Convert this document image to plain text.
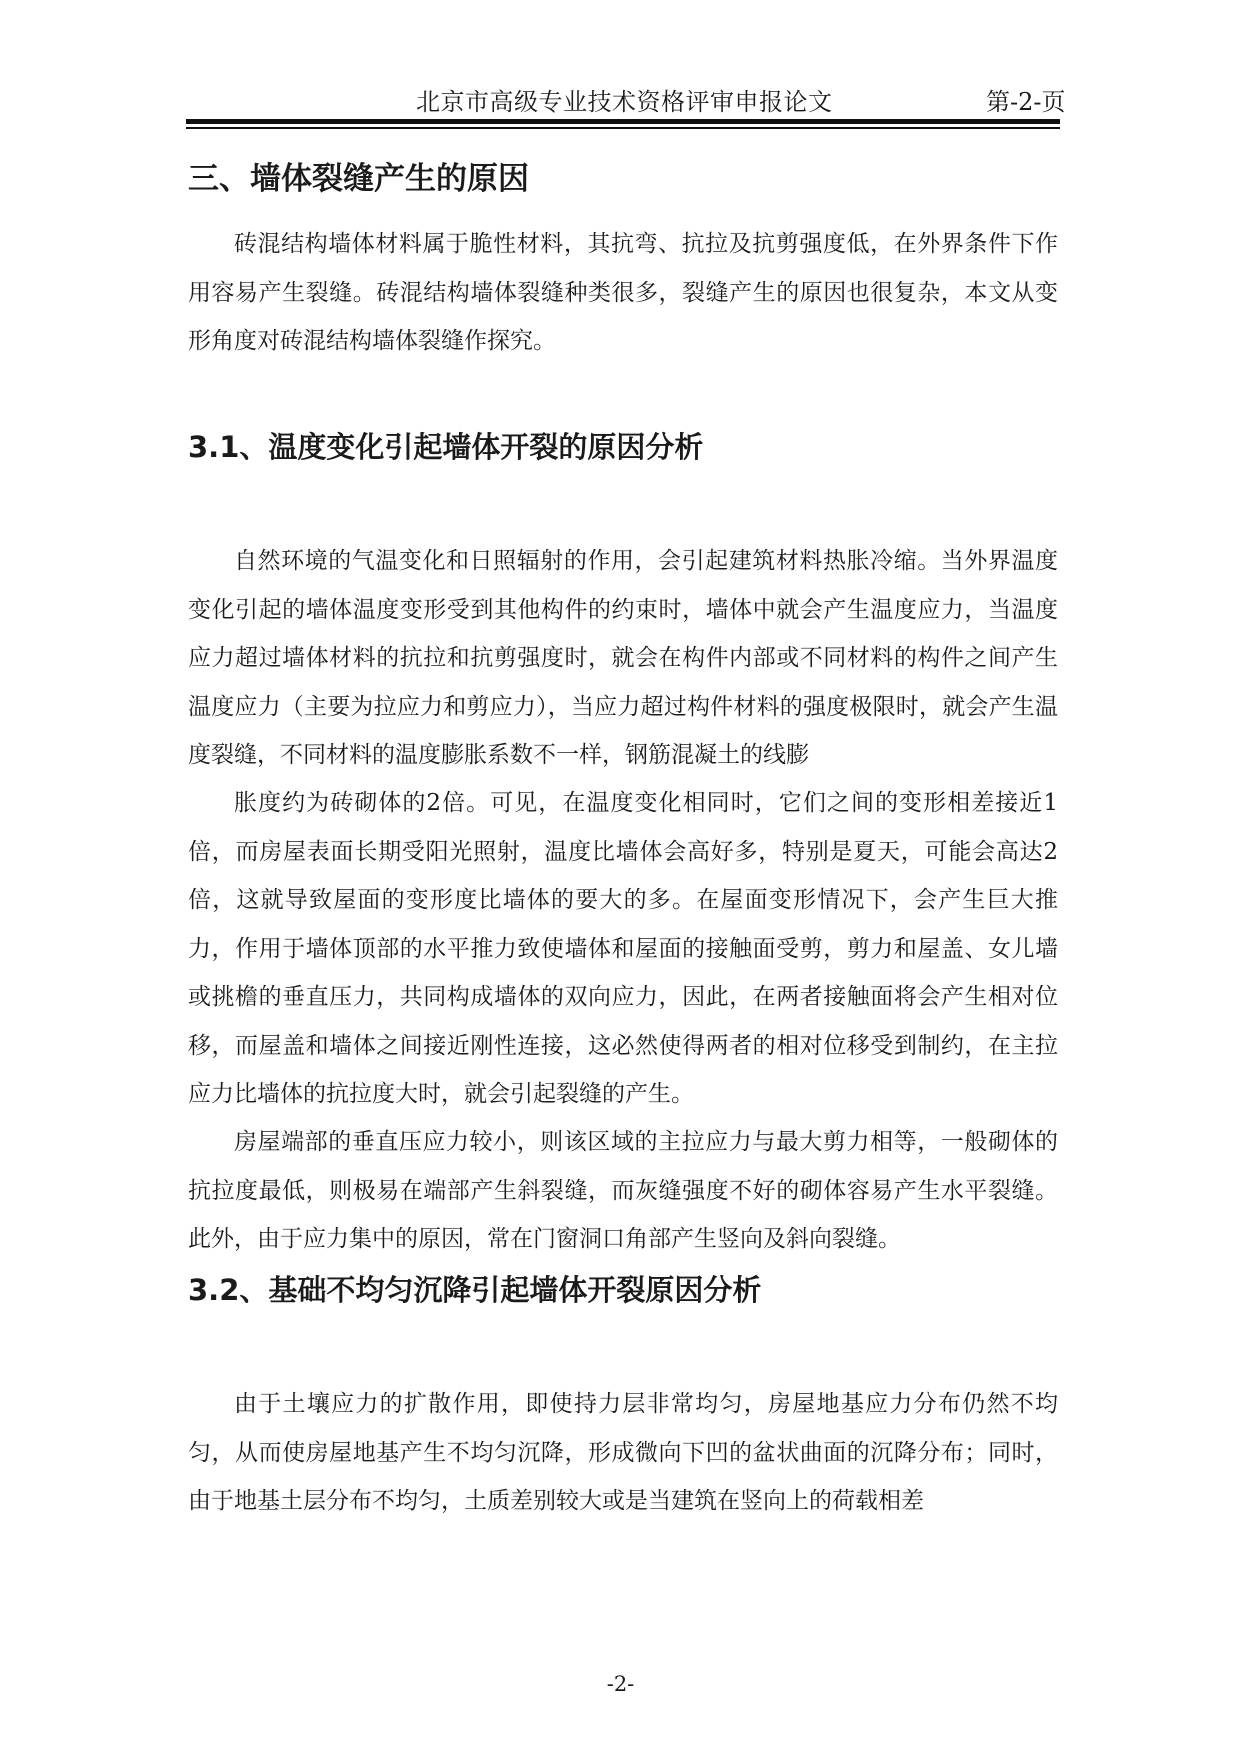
北京市高级专业技术资格评审申报论文	第-2-页
三、墙体裂缝产生的原因

砖混结构墙体材料属于脆性材料，其抗弯、抗拉及抗剪强度低，在外界条件下作用容易产生裂缝。砖混结构墙体裂缝种类很多，裂缝产生的原因也很复杂，本文从变形角度对砖混结构墙体裂缝作探究。

3.1、温度变化引起墙体开裂的原因分析

自然环境的气温变化和日照辐射的作用，会引起建筑材料热胀冷缩。当外界温度变化引起的墙体温度变形受到其他构件的约束时，墙体中就会产生温度应力，当温度应力超过墙体材料的抗拉和抗剪强度时，就会在构件内部或不同材料的构件之间产生温度应力（主要为拉应力和剪应力），当应力超过构件材料的强度极限时，就会产生温度裂缝，不同材料的温度膨胀系数不一样，钢筋混凝土的线膨

胀度约为砖砌体的2倍。可见，在温度变化相同时，它们之间的变形相差接近1倍，而房屋表面长期受阳光照射，温度比墙体会高好多，特别是夏天，可能会高达2倍，这就导致屋面的变形度比墙体的要大的多。在屋面变形情况下，会产生巨大推力，作用于墙体顶部的水平推力致使墙体和屋面的接触面受剪，剪力和屋盖、女儿墙或挑檐的垂直压力，共同构成墙体的双向应力，因此，在两者接触面将会产生相对位移，而屋盖和墙体之间接近刚性连接，这必然使得两者的相对位移受到制约，在主拉应力比墙体的抗拉度大时，就会引起裂缝的产生。

房屋端部的垂直压应力较小，则该区域的主拉应力与最大剪力相等，一般砌体的抗拉度最低，则极易在端部产生斜裂缝，而灰缝强度不好的砌体容易产生水平裂缝。此外，由于应力集中的原因，常在门窗洞口角部产生竖向及斜向裂缝。

3.2、基础不均匀沉降引起墙体开裂原因分析

由于土壤应力的扩散作用，即使持力层非常均匀，房屋地基应力分布仍然不均匀，从而使房屋地基产生不均匀沉降，形成微向下凹的盆状曲面的沉降分布；同时，由于地基土层分布不均匀，土质差别较大或是当建筑在竖向上的荷载相差

-2-
